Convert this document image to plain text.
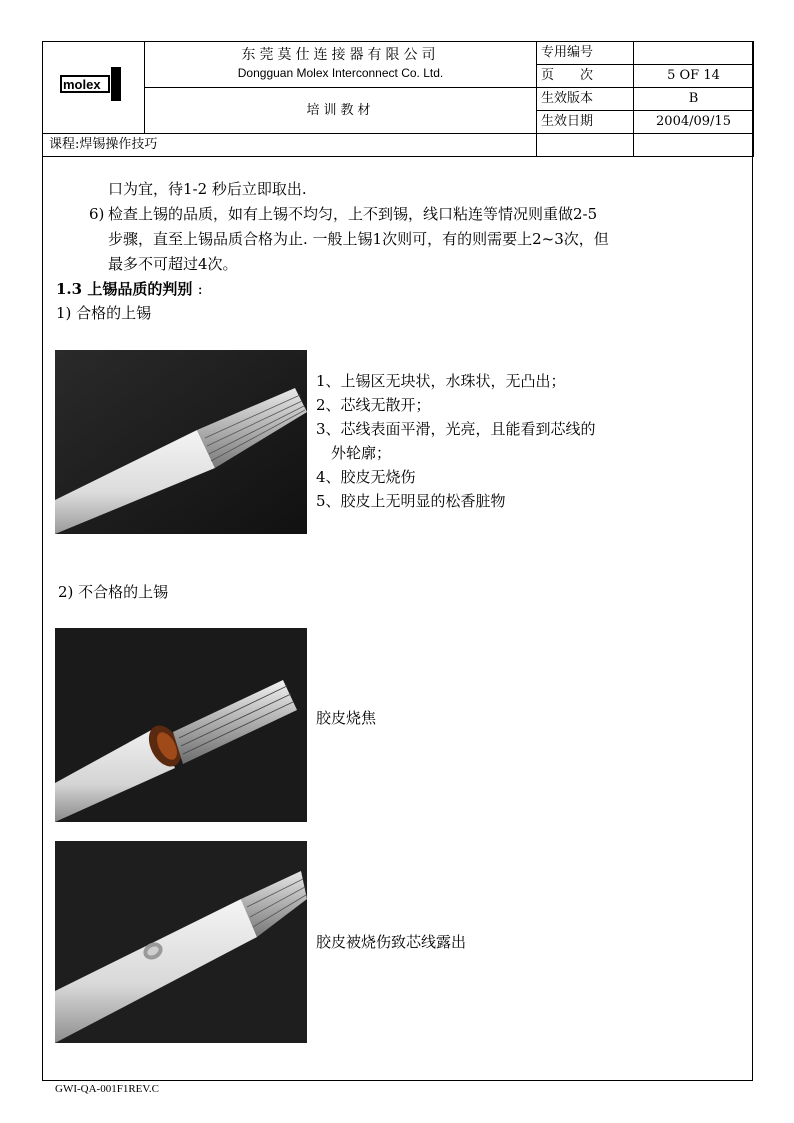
molex	东莞莫仕连接器有限公司
Dongguan Molex Interconnect Co. Ltd.	专用编号	
		页　　次	5 OF 14
	培训教材	生效版本	B
		生效日期	2004/09/15
课程:焊锡操作技巧			
口为宜，待1-2 秒后立即取出.
6) 检查上锡的品质，如有上锡不均匀，上不到锡，线口粘连等情况则重做2-5
步骤，直至上锡品质合格为止. 一般上锡1次则可，有的则需要上2~3次，但
最多不可超过4次。
1.3 上锡品质的判别 :
1) 合格的上锡
2) 不合格的上锡
1、上锡区无块状，水珠状，无凸出；
2、芯线无散开；
3、芯线表面平滑，光亮，且能看到芯线的
　外轮廓；
4、胶皮无烧伤
5、胶皮上无明显的松香脏物
胶皮烧焦
胶皮被烧伤致芯线露出
GWI-QA-001F1REV.C
